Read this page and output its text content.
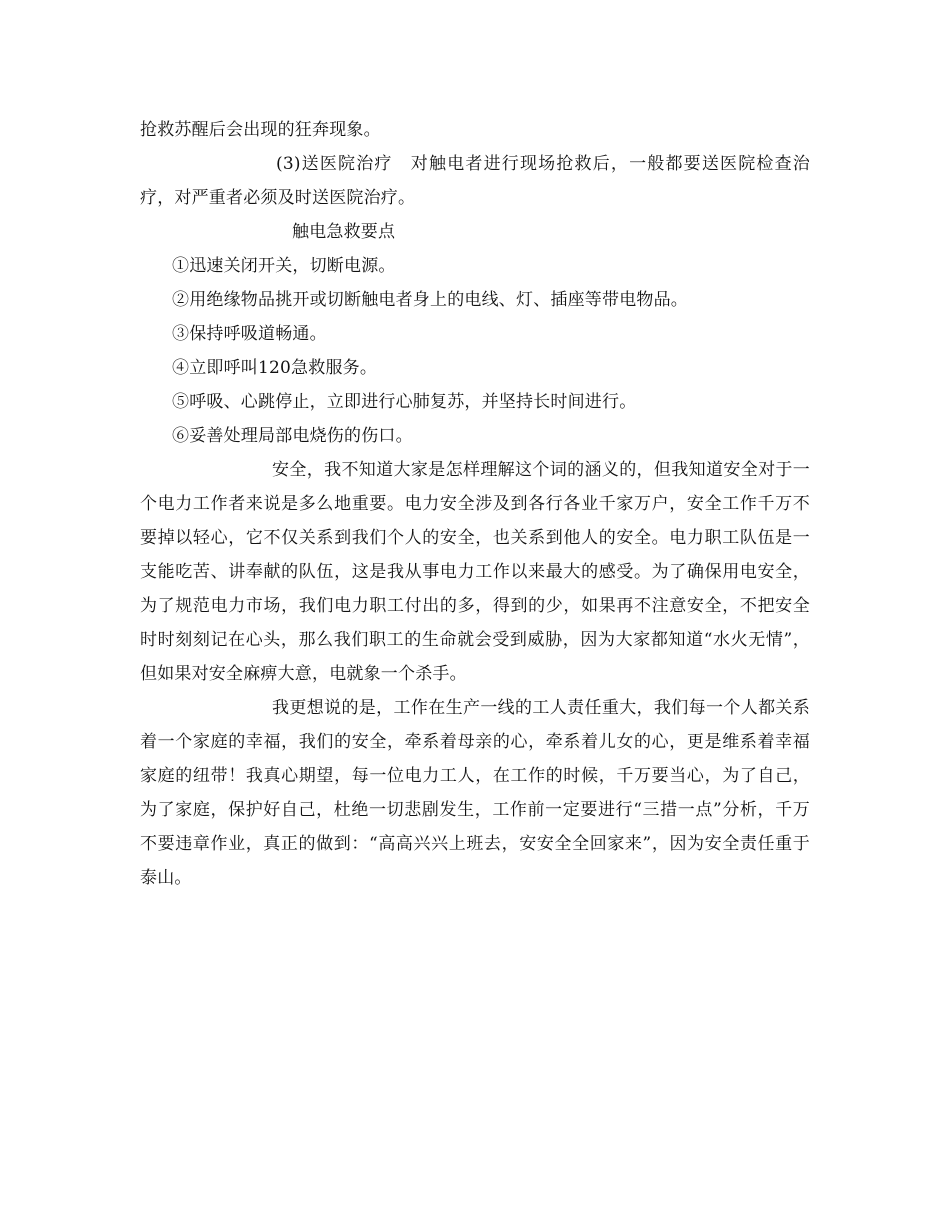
抢救苏醒后会出现的狂奔现象。

(3)送医院治疗　对触电者进行现场抢救后，一般都要送医院检查治疗，对严重者必须及时送医院治疗。

触电急救要点

①迅速关闭开关，切断电源。
②用绝缘物品挑开或切断触电者身上的电线、灯、插座等带电物品。
③保持呼吸道畅通。
④立即呼叫120急救服务。
⑤呼吸、心跳停止，立即进行心肺复苏，并坚持长时间进行。
⑥妥善处理局部电烧伤的伤口。

安全，我不知道大家是怎样理解这个词的涵义的，但我知道安全对于一个电力工作者来说是多么地重要。电力安全涉及到各行各业千家万户，安全工作千万不要掉以轻心，它不仅关系到我们个人的安全，也关系到他人的安全。电力职工队伍是一支能吃苦、讲奉献的队伍，这是我从事电力工作以来最大的感受。为了确保用电安全，为了规范电力市场，我们电力职工付出的多，得到的少，如果再不注意安全，不把安全时时刻刻记在心头，那么我们职工的生命就会受到威胁，因为大家都知道“水火无情”，但如果对安全麻痹大意，电就象一个杀手。

我更想说的是，工作在生产一线的工人责任重大，我们每一个人都关系着一个家庭的幸福，我们的安全，牵系着母亲的心，牵系着儿女的心，更是维系着幸福家庭的纽带！我真心期望，每一位电力工人，在工作的时候，千万要当心，为了自己，为了家庭，保护好自己，杜绝一切悲剧发生，工作前一定要进行“三措一点”分析，千万不要违章作业，真正的做到：“高高兴兴上班去，安安全全回家来”，因为安全责任重于泰山。
